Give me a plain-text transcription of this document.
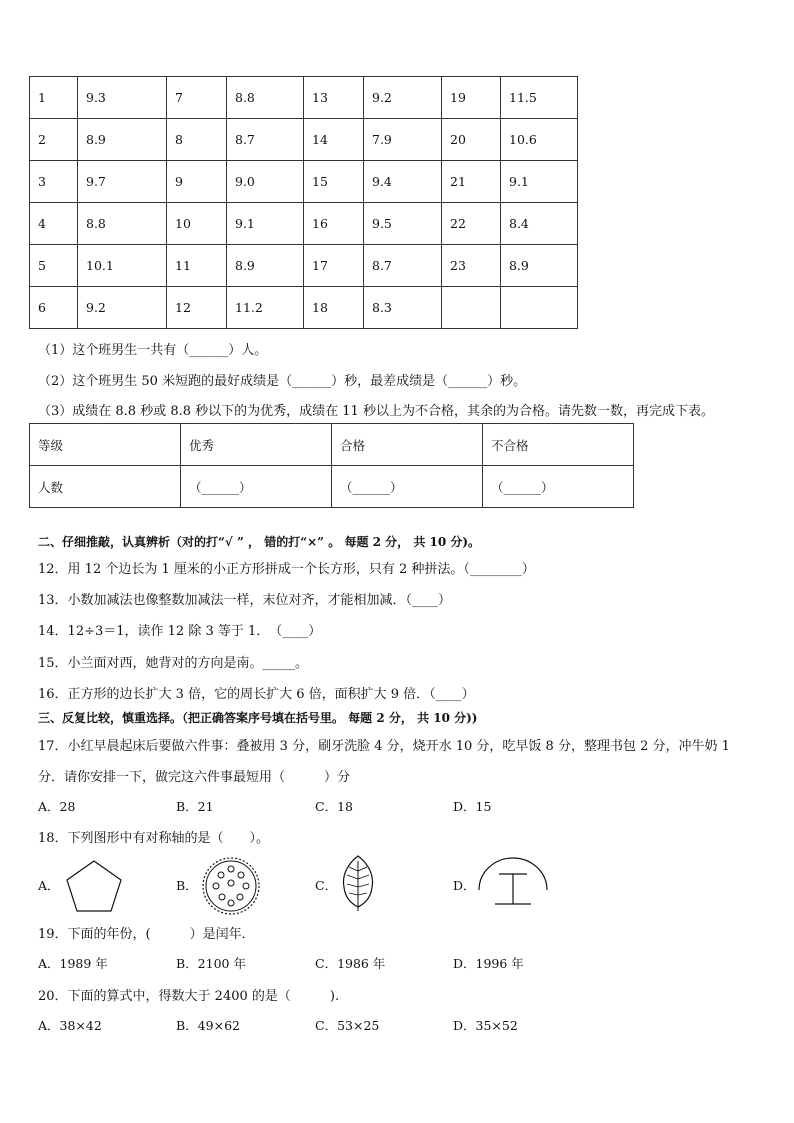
1	9.3	7	8.8	13	9.2	19	11.5
2	8.9	8	8.7	14	7.9	20	10.6
3	9.7	9	9.0	15	9.4	21	9.1
4	8.8	10	9.1	16	9.5	22	8.4
5	10.1	11	8.9	17	8.7	23	8.9
6	9.2	12	11.2	18	8.3		
（1）这个班男生一共有（______）人。
（2）这个班男生 50 米短跑的最好成绩是（______）秒，最差成绩是（______）秒。
（3）成绩在 8.8 秒或 8.8 秒以下的为优秀，成绩在 11 秒以上为不合格，其余的为合格。请先数一数，再完成下表。
等级	优秀	合格	不合格
人数	（______）	（______）	（______）
二、仔细推敲，认真辨析（对的打“√ ” ， 错的打“×” 。 每题 2 分， 共 10 分)。
12．用 12 个边长为 1 厘米的小正方形拼成一个长方形，只有 2 种拼法。（________）
13．小数加减法也像整数加减法一样，末位对齐，才能相加减．（____）
14．12÷3＝1，读作 12 除 3 等于 1．　（____）
15．小兰面对西，她背对的方向是南。_____。
16．正方形的边长扩大 3 倍，它的周长扩大 6 倍，面积扩大 9 倍．（____）
三、反复比较，慎重选择。（把正确答案序号填在括号里。 每题 2 分， 共 10 分))
17．小红早晨起床后要做六件事：叠被用 3 分，刷牙洗脸 4 分，烧开水 10 分，吃早饭 8 分，整理书包 2 分，冲牛奶 1
分．请你安排一下，做完这六件事最短用（　　　）分
A．28	B．21	C．18	D．15
18．下列图形中有对称轴的是（　　）。
A．	B．	C．	D．
19．下面的年份，(　　　）是闰年．
A．1989 年	B．2100 年	C．1986 年	D．1996 年
20．下面的算式中，得数大于 2400 的是（　　　).
A．38×42	B．49×62	C．53×25	D．35×52
